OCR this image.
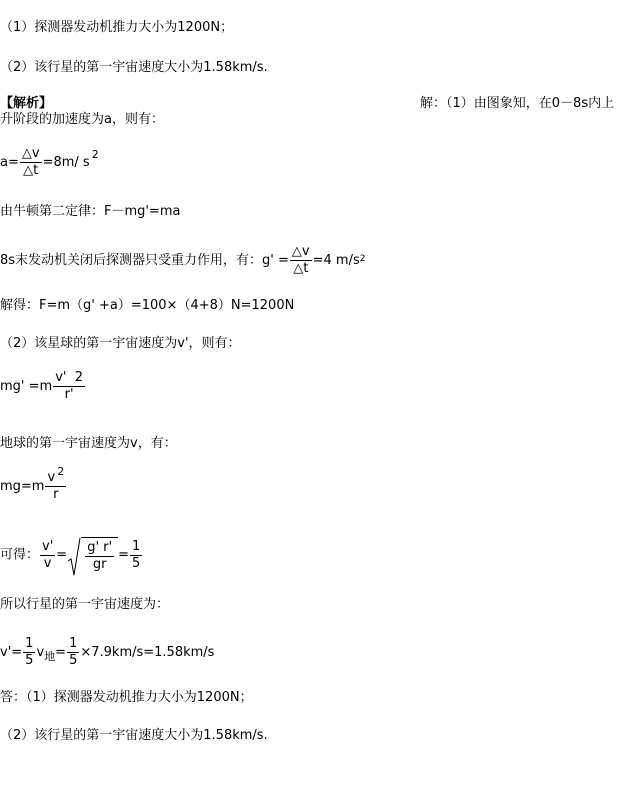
（1）探测器发动机推力大小为1200N；
（2）该行星的第一宇宙速度大小为1.58km/s.
【解析】	解：（1）由图象知，在0－8s内上
升阶段的加速度为a，则有：
$a= \frac{\triangle v}{\triangle t} =8m/$ $s^2$
由牛顿第二定律：F－mg'=ma
8s末发动机关闭后探测器只受重力作用，有：$g' = \frac{\triangle v}{\triangle t} =4$ $m/s^2$
解得：F=m（g' +a）=100×（4+8）N=1200N
（2）该星球的第一宇宙速度为v'，则有：
$mg' =m \frac{v' 2}{r'}$
地球的第一宇宙速度为v，有：
$mg=m \frac{v ^2}{r}$
可得： $\frac{v'}{v} = \frac{g' r'}{gr} = \frac{1}{5}$
所以行星的第一宇宙速度为：
$v'= \frac{1}{5} v_地= \frac{1}{5} \times 7.9km/s=1.58km/s$
答：（1）探测器发动机推力大小为1200N；
（2）该行星的第一宇宙速度大小为1.58km/s.
